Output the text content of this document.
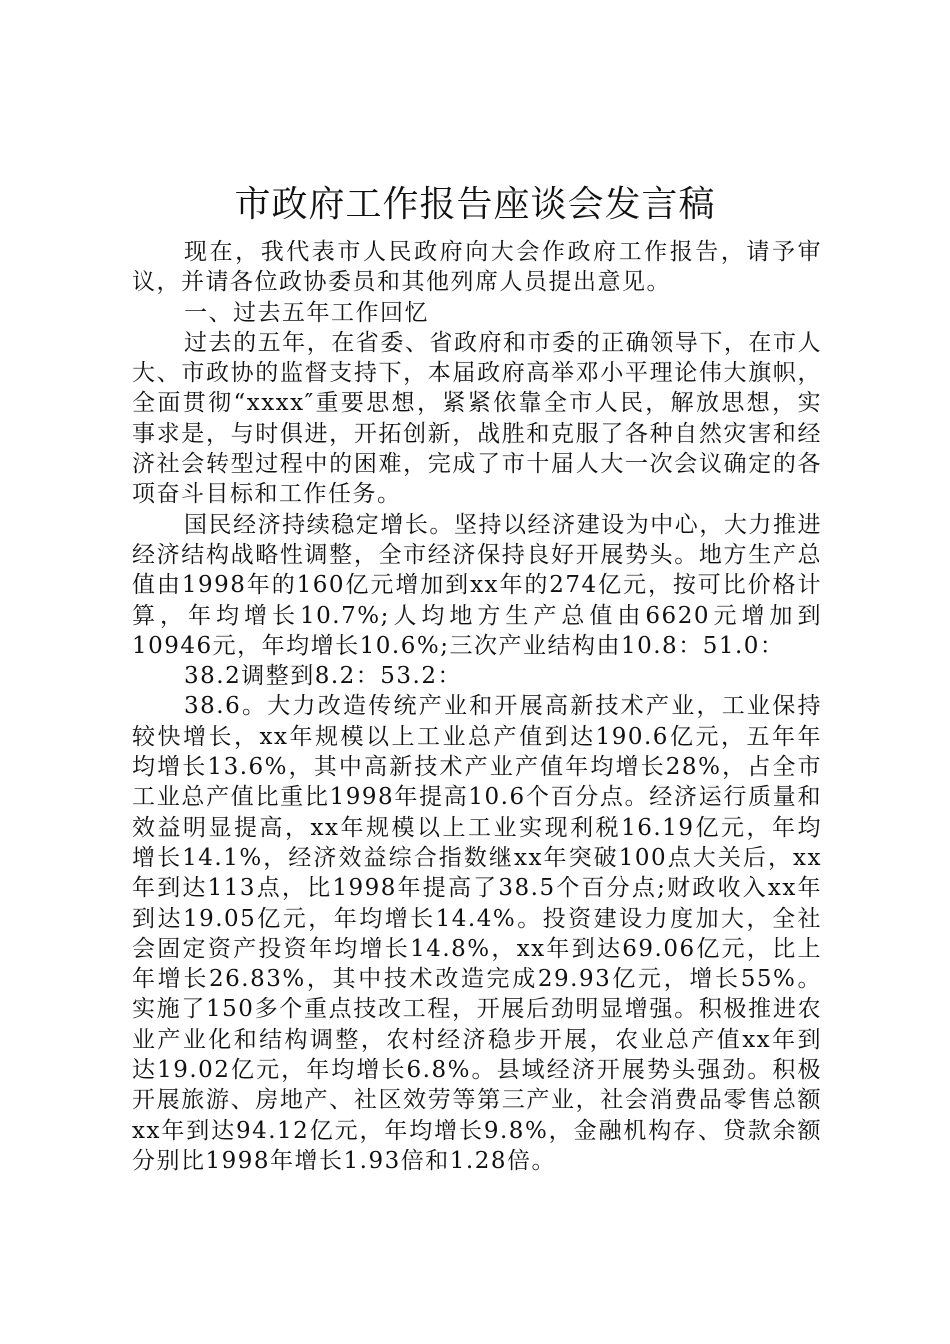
市政府工作报告座谈会发言稿

现在，我代表市人民政府向大会作政府工作报告，请予审议，并请各位政协委员和其他列席人员提出意见。

一、过去五年工作回忆

过去的五年，在省委、省政府和市委的正确领导下，在市人大、市政协的监督支持下，本届政府高举邓小平理论伟大旗帜，全面贯彻“xxxx″重要思想，紧紧依靠全市人民，解放思想，实事求是，与时俱进，开拓创新，战胜和克服了各种自然灾害和经济社会转型过程中的困难，完成了市十届人大一次会议确定的各项奋斗目标和工作任务。

国民经济持续稳定增长。坚持以经济建设为中心，大力推进经济结构战略性调整，全市经济保持良好开展势头。地方生产总值由1998年的160亿元增加到xx年的274亿元，按可比价格计算，年均增长10.7%;人均地方生产总值由6620元增加到10946元，年均增长10.6%;三次产业结构由10.8：51.0：

38.2调整到8.2：53.2：

38.6。大力改造传统产业和开展高新技术产业，工业保持较快增长，xx年规模以上工业总产值到达190.6亿元，五年年均增长13.6%，其中高新技术产业产值年均增长28%，占全市工业总产值比重比1998年提高10.6个百分点。经济运行质量和效益明显提高，xx年规模以上工业实现利税16.19亿元，年均增长14.1%，经济效益综合指数继xx年突破100点大关后，xx年到达113点，比1998年提高了38.5个百分点;财政收入xx年到达19.05亿元，年均增长14.4%。投资建设力度加大，全社会固定资产投资年均增长14.8%，xx年到达69.06亿元，比上年增长26.83%，其中技术改造完成29.93亿元，增长55%。实施了150多个重点技改工程，开展后劲明显增强。积极推进农业产业化和结构调整，农村经济稳步开展，农业总产值xx年到达19.02亿元，年均增长6.8%。县域经济开展势头强劲。积极开展旅游、房地产、社区效劳等第三产业，社会消费品零售总额xx年到达94.12亿元，年均增长9.8%，金融机构存、贷款余额分别比1998年增长1.93倍和1.28倍。
